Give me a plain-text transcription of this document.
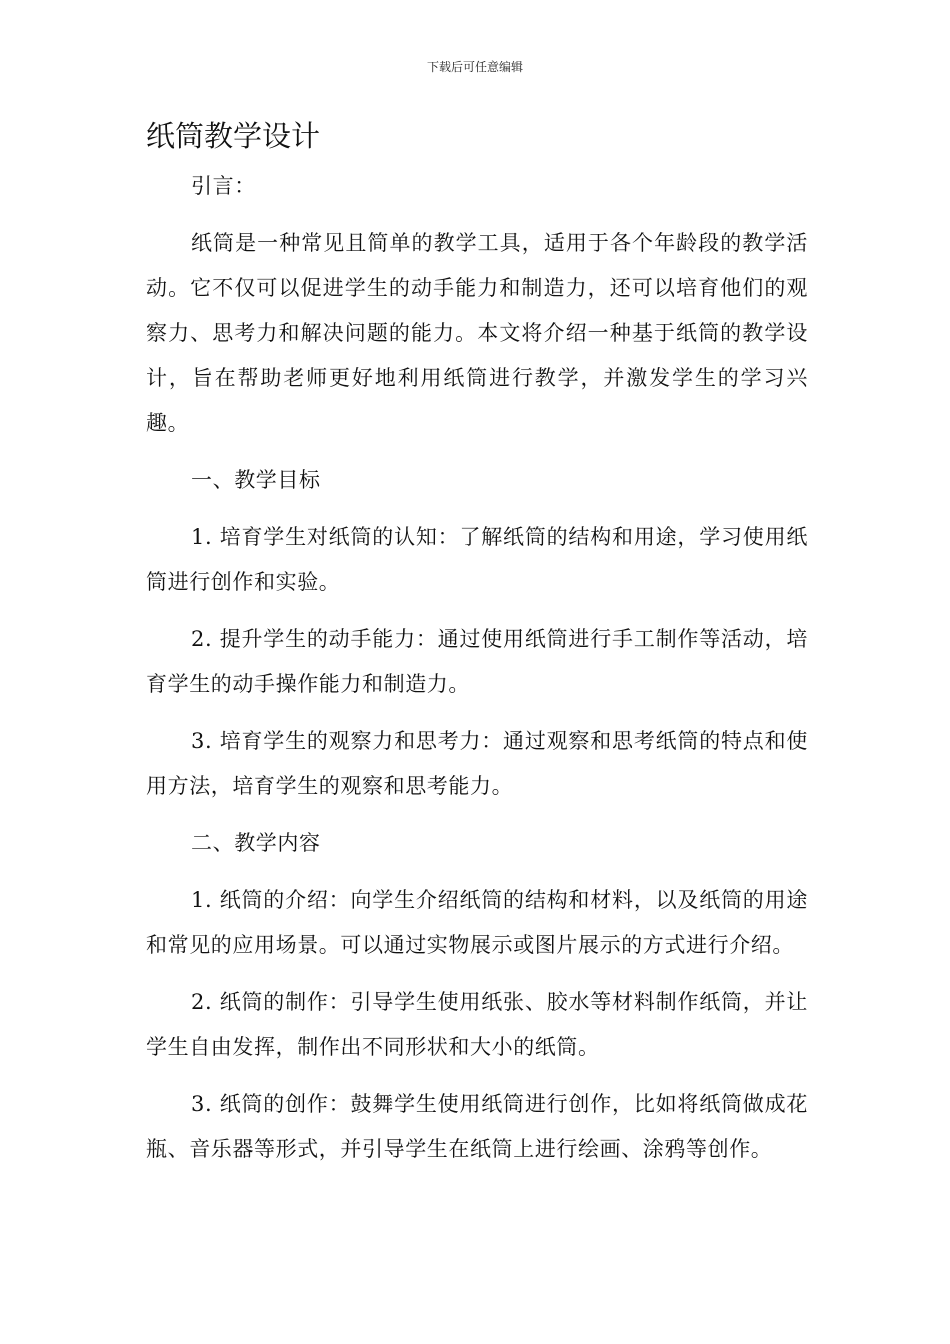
下载后可任意编辑
纸筒教学设计

引言：

纸筒是一种常见且简单的教学工具，适用于各个年龄段的教学活动。它不仅可以促进学生的动手能力和制造力，还可以培育他们的观察力、思考力和解决问题的能力。本文将介绍一种基于纸筒的教学设计，旨在帮助老师更好地利用纸筒进行教学，并激发学生的学习兴趣。

一、教学目标

1. 培育学生对纸筒的认知：了解纸筒的结构和用途，学习使用纸筒进行创作和实验。

2. 提升学生的动手能力：通过使用纸筒进行手工制作等活动，培育学生的动手操作能力和制造力。

3. 培育学生的观察力和思考力：通过观察和思考纸筒的特点和使用方法，培育学生的观察和思考能力。

二、教学内容

1. 纸筒的介绍：向学生介绍纸筒的结构和材料，以及纸筒的用途和常见的应用场景。可以通过实物展示或图片展示的方式进行介绍。

2. 纸筒的制作：引导学生使用纸张、胶水等材料制作纸筒，并让学生自由发挥，制作出不同形状和大小的纸筒。

3. 纸筒的创作：鼓舞学生使用纸筒进行创作，比如将纸筒做成花瓶、音乐器等形式，并引导学生在纸筒上进行绘画、涂鸦等创作。
